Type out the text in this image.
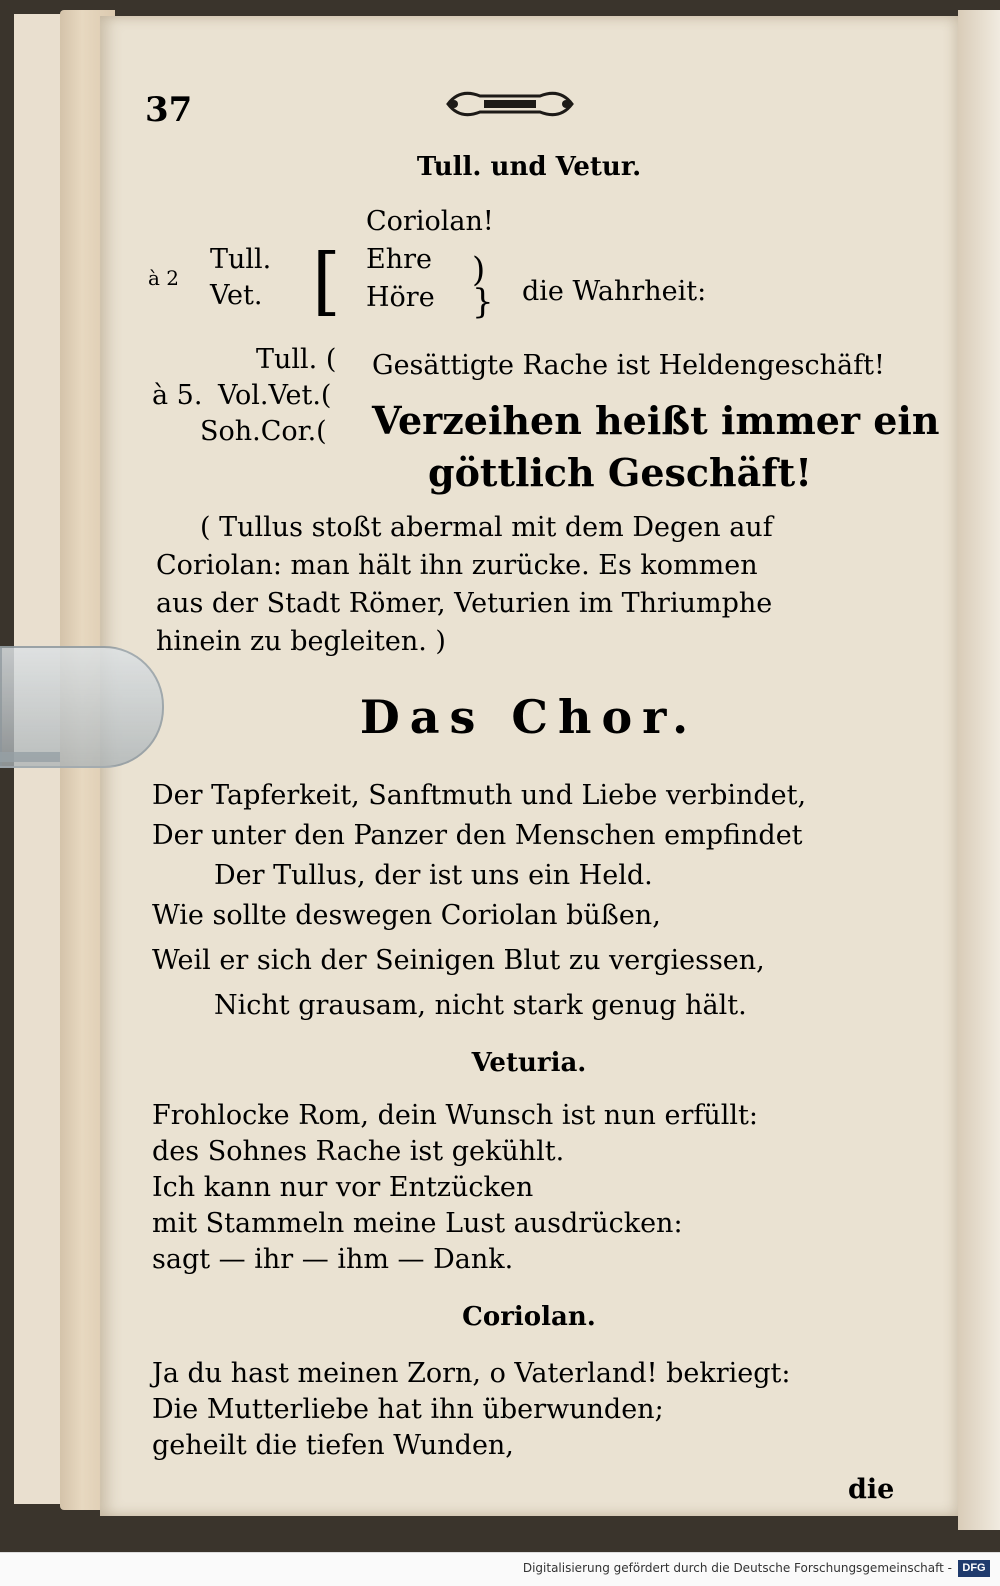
37
Tull. und Vetur.
à 2
Tull.
Vet. [
Coriolan!
Ehre
Höre
)
} die Wahrheit:
Tull. (
à 5. Vol.Vet.(
Soh.Cor.(
Gesättigte Rache ist Heldengeschäft!
Verzeihen heißt immer ein
göttlich Geschäft!
( Tullus stoßt abermal mit dem Degen auf
Coriolan: man hält ihn zurücke. Es kommen
aus der Stadt Römer, Veturien im Thriumphe
hinein zu begleiten. )
Das Chor.
Der Tapferkeit, Sanftmuth und Liebe verbindet,
Der unter den Panzer den Menschen empfindet
Der Tullus, der ist uns ein Held.
Wie sollte deswegen Coriolan büßen,
Weil er sich der Seinigen Blut zu vergiessen,
Nicht grausam, nicht stark genug hält.
Veturia.
Frohlocke Rom, dein Wunsch ist nun erfüllt:
des Sohnes Rache ist gekühlt.
Ich kann nur vor Entzücken
mit Stammeln meine Lust ausdrücken:
sagt — ihr — ihm — Dank.
Coriolan.
Ja du hast meinen Zorn, o Vaterland! bekriegt:
Die Mutterliebe hat ihn überwunden;
geheilt die tiefen Wunden,
die
Digitalisierung gefördert durch die Deutsche Forschungsgemeinschaft - DFG
